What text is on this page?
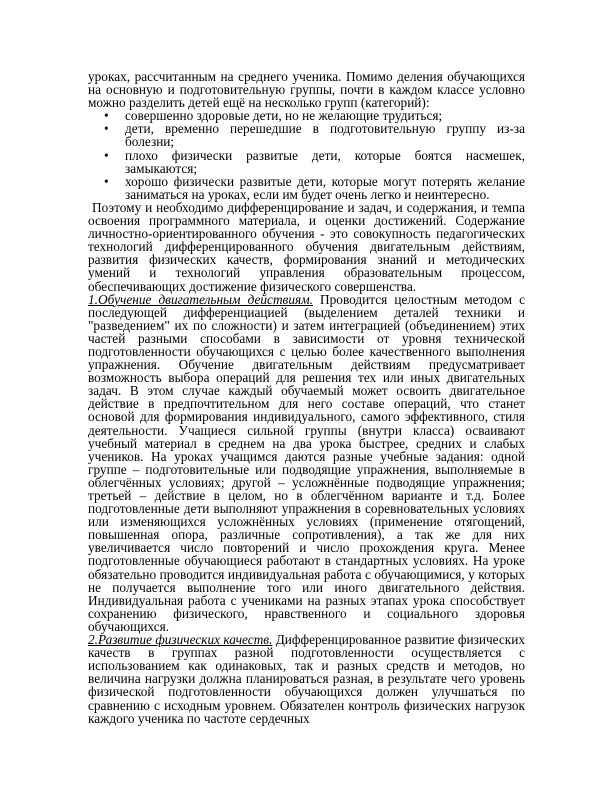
уроках, рассчитанным на среднего ученика. Помимо деления обучающихся на основную и подготовительную группы, почти в каждом классе условно можно разделить детей ещё на несколько групп (категорий):

• совершенно здоровые дети, но не желающие трудиться;
• дети, временно перешедшие в подготовительную группу из-за болезни;
• плохо физически развитые дети, которые боятся насмешек, замыкаются;
• хорошо физически развитые дети, которые могут потерять желание заниматься на уроках, если им будет очень легко и неинтересно.

Поэтому и необходимо дифференцирование и задач, и содержания, и темпа освоения программного материала, и оценки достижений. Содержание личностно-ориентированного обучения - это совокупность педагогических технологий дифференцированного обучения двигательным действиям, развития физических качеств, формирования знаний и методических умений и технологий управления образовательным процессом, обеспечивающих достижение физического совершенства.

1.Обучение двигательным действиям. Проводится целостным методом с последующей дифференциацией (выделением деталей техники и "разведением" их по сложности) и затем интеграцией (объединением) этих частей разными способами в зависимости от уровня технической подготовленности обучающихся с целью более качественного выполнения упражнения. Обучение двигательным действиям предусматривает возможность выбора операций для решения тех или иных двигательных задач. В этом случае каждый обучаемый может освоить двигательное действие в предпочтительном для него составе операций, что станет основой для формирования индивидуального, самого эффективного, стиля деятельности. Учащиеся сильной группы (внутри класса) осваивают учебный материал в среднем на два урока быстрее, средних и слабых учеников. На уроках учащимся даются разные учебные задания: одной группе – подготовительные или подводящие упражнения, выполняемые в облегчённых условиях; другой – усложнённые подводящие упражнения; третьей – действие в целом, но в облегчённом варианте и т.д. Более подготовленные дети выполняют упражнения в соревновательных условиях или изменяющихся усложнённых условиях (применение отягощений, повышенная опора, различные сопротивления), а так же для них увеличивается число повторений и число прохождения круга. Менее подготовленные обучающиеся работают в стандартных условиях. На уроке обязательно проводится индивидуальная работа с обучающимися, у которых не получается выполнение того или иного двигательного действия. Индивидуальная работа с учениками на разных этапах урока способствует сохранению физического, нравственного и социального здоровья обучающихся.

2.Развитие физических качеств. Дифференцированное развитие физических качеств в группах разной подготовленности осуществляется с использованием как одинаковых, так и разных средств и методов, но величина нагрузки должна планироваться разная, в результате чего уровень физической подготовленности обучающихся должен улучшаться по сравнению с исходным уровнем. Обязателен контроль физических нагрузок каждого ученика по частоте сердечных
